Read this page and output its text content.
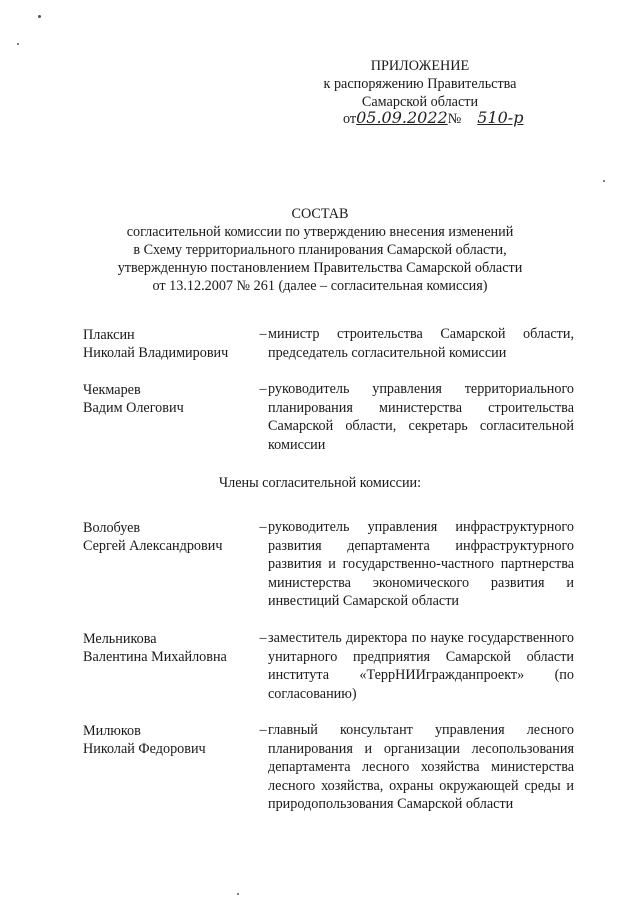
ПРИЛОЖЕНИЕ
к распоряжению Правительства
Самарской области
от05.09.2022№ 510-р
СОСТАВ
согласительной комиссии по утверждению внесения изменений
в Схему территориального планирования Самарской области,
утвержденную постановлением Правительства Самарской области
от 13.12.2007 № 261 (далее – согласительная комиссия)
Плаксин
Николай Владимирович
– министр строительства Самарской области, председатель согласительной комиссии
Чекмарев
Вадим Олегович
– руководитель управления территориального планирования министерства строительства Самарской области, секретарь согласительной комиссии
Члены согласительной комиссии:
Волобуев
Сергей Александрович
– руководитель управления инфраструктурного развития департамента инфраструктурного развития и государственно-частного партнерства министерства экономического развития и инвестиций Самарской области
Мельникова
Валентина Михайловна
– заместитель директора по науке государственного унитарного предприятия Самарской области института «ТеррНИИгражданпроект» (по согласованию)
Милюков
Николай Федорович
– главный консультант управления лесного планирования и организации лесопользования департамента лесного хозяйства министерства лесного хозяйства, охраны окружающей среды и природопользования Самарской области
